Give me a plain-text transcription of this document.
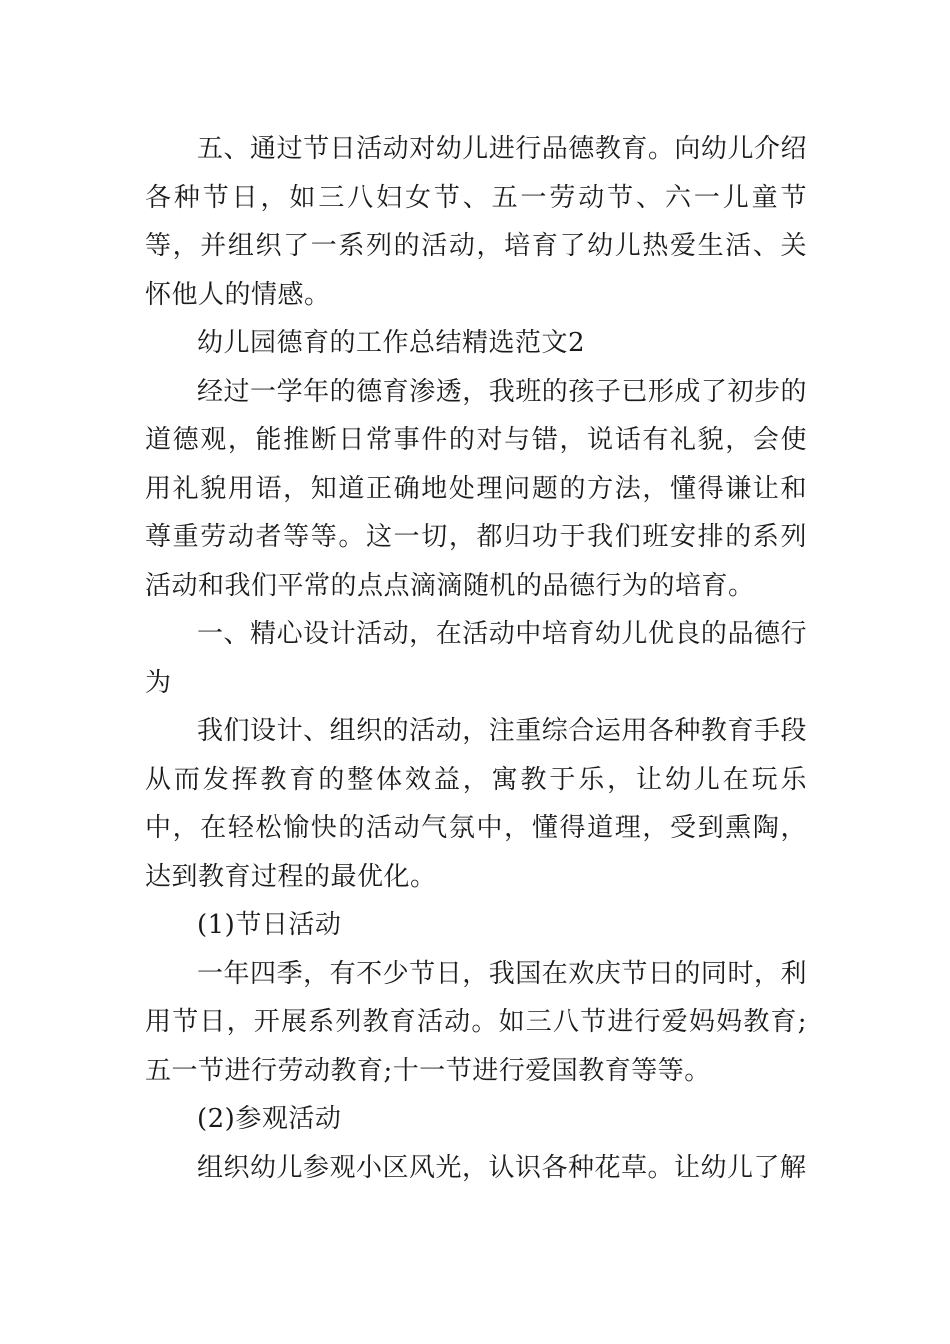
五、通过节日活动对幼儿进行品德教育。向幼儿介绍各种节日，如三八妇女节、五一劳动节、六一儿童节等，并组织了一系列的活动，培育了幼儿热爱生活、关怀他人的情感。

幼儿园德育的工作总结精选范文2

经过一学年的德育渗透，我班的孩子已形成了初步的道德观，能推断日常事件的对与错，说话有礼貌，会使用礼貌用语，知道正确地处理问题的方法，懂得谦让和尊重劳动者等等。这一切，都归功于我们班安排的系列活动和我们平常的点点滴滴随机的品德行为的培育。

一、精心设计活动，在活动中培育幼儿优良的品德行为

我们设计、组织的活动，注重综合运用各种教育手段从而发挥教育的整体效益，寓教于乐，让幼儿在玩乐中，在轻松愉快的活动气氛中，懂得道理，受到熏陶，达到教育过程的最优化。

(1)节日活动

一年四季，有不少节日，我国在欢庆节日的同时，利用节日，开展系列教育活动。如三八节进行爱妈妈教育;五一节进行劳动教育;十一节进行爱国教育等等。

(2)参观活动

组织幼儿参观小区风光，认识各种花草。让幼儿了解
